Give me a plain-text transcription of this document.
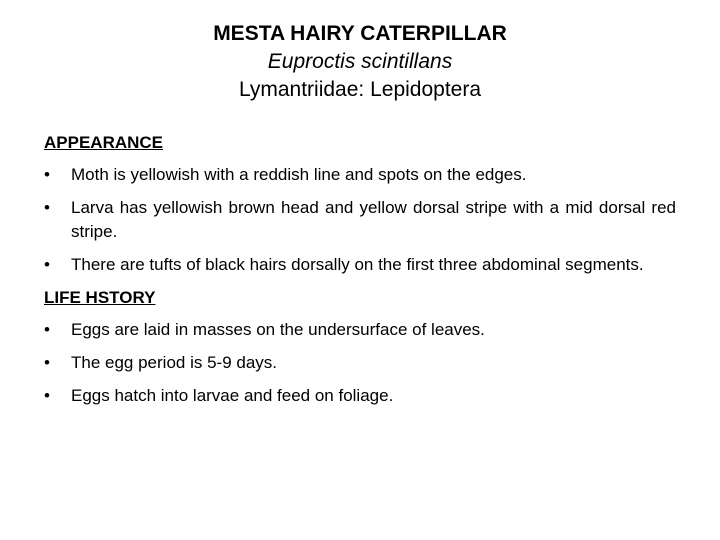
MESTA HAIRY CATERPILLAR

Euproctis scintillans

Lymantriidae: Lepidoptera

APPEARANCE

•	Moth is yellowish with a reddish line and spots on the edges.
•	Larva has yellowish brown head and yellow dorsal stripe with a mid dorsal red stripe.
•	There are tufts of black hairs dorsally on the first three abdominal segments.

LIFE HSTORY

•	Eggs are laid in masses on the undersurface of leaves.
•	The egg period is 5-9 days.
•	Eggs hatch into larvae and feed on foliage.
